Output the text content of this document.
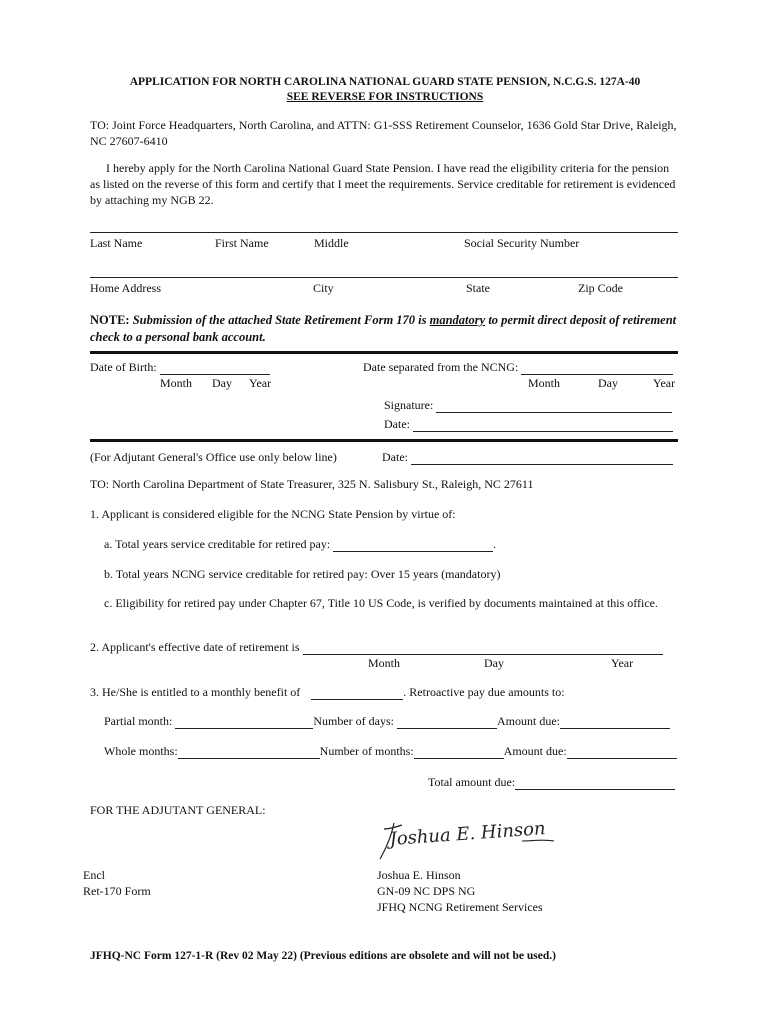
APPLICATION FOR NORTH CAROLINA NATIONAL GUARD STATE PENSION, N.C.G.S. 127A-40
SEE REVERSE FOR INSTRUCTIONS
TO: Joint Force Headquarters, North Carolina, and ATTN: G1-SSS Retirement Counselor, 1636 Gold Star Drive, Raleigh, NC 27607-6410
I hereby apply for the North Carolina National Guard State Pension. I have read the eligibility criteria for the pension as listed on the reverse of this form and certify that I meet the requirements. Service creditable for retirement is evidenced by attaching my NGB 22.
Last Name	First Name	Middle	Social Security Number
Home Address	City	State	Zip Code
NOTE: Submission of the attached State Retirement Form 170 is mandatory to permit direct deposit of retirement check to a personal bank account.
Date of Birth:
Month Day Year
Date separated from the NCNG:
Month	Day	Year
Signature:
Date:
(For Adjutant General's Office use only below line)	Date:
TO: North Carolina Department of State Treasurer, 325 N. Salisbury St., Raleigh, NC 27611
1. Applicant is considered eligible for the NCNG State Pension by virtue of:
a. Total years service creditable for retired pay:	.
b. Total years NCNG service creditable for retired pay: Over 15 years (mandatory)
c. Eligibility for retired pay under Chapter 67, Title 10 US Code, is verified by documents maintained at this office.
2. Applicant's effective date of retirement is
Month	Day	Year
3. He/She is entitled to a monthly benefit of	. Retroactive pay due amounts to:
Partial month:	Number of days:	Amount due:
Whole months:	Number of months:	Amount due:
Total amount due:
FOR THE ADJUTANT GENERAL:
Joshua E. Hinson
Encl
Ret-170 Form
Joshua E. Hinson
GN-09 NC DPS NG
JFHQ NCNG Retirement Services
JFHQ-NC Form 127-1-R (Rev 02 May 22) (Previous editions are obsolete and will not be used.)
